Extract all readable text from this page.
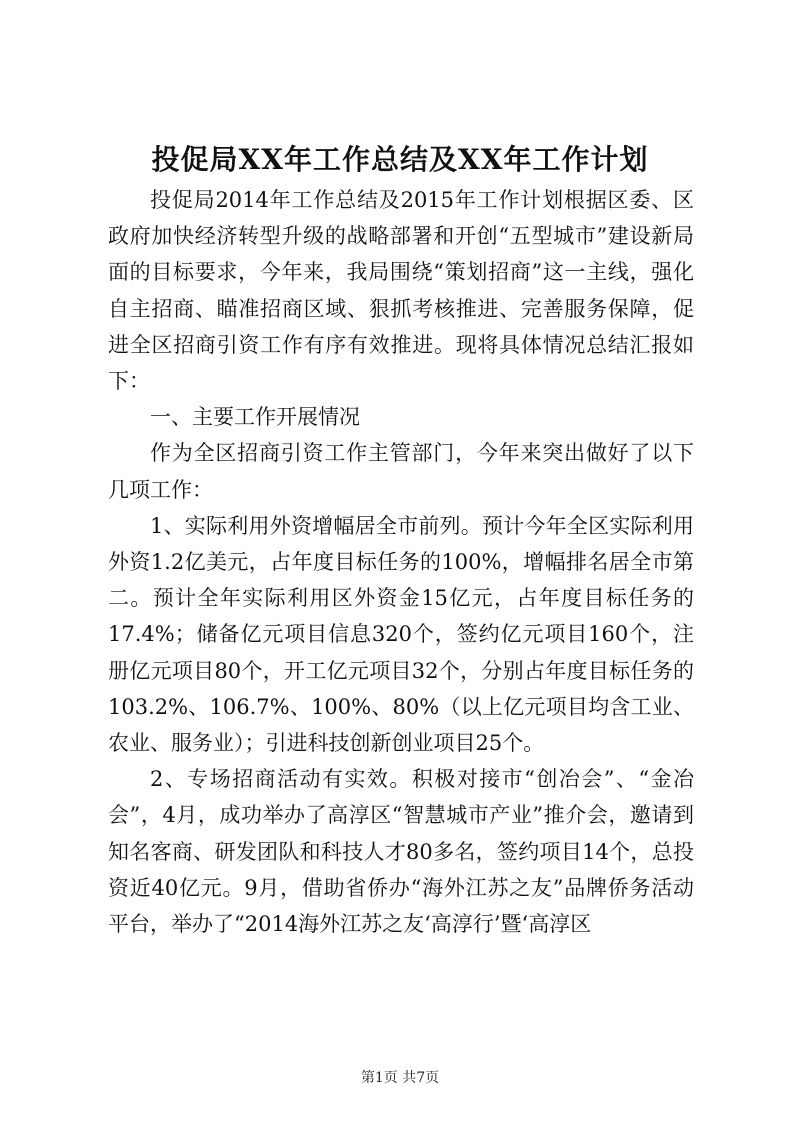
投促局XX年工作总结及XX年工作计划

投促局2014年工作总结及2015年工作计划根据区委、区政府加快经济转型升级的战略部署和开创“五型城市”建设新局面的目标要求，今年来，我局围绕“策划招商”这一主线，强化自主招商、瞄准招商区域、狠抓考核推进、完善服务保障，促进全区招商引资工作有序有效推进。现将具体情况总结汇报如下：

一、主要工作开展情况

作为全区招商引资工作主管部门，今年来突出做好了以下几项工作：

1、实际利用外资增幅居全市前列。预计今年全区实际利用外资1.2亿美元，占年度目标任务的100%，增幅排名居全市第二。预计全年实际利用区外资金15亿元，占年度目标任务的17.4%；储备亿元项目信息320个，签约亿元项目160个，注册亿元项目80个，开工亿元项目32个，分别占年度目标任务的103.2%、106.7%、100%、80%（以上亿元项目均含工业、农业、服务业）；引进科技创新创业项目25个。

2、专场招商活动有实效。积极对接市“创冶会”、“金冶会”，4月，成功举办了高淳区“智慧城市产业”推介会，邀请到知名客商、研发团队和科技人才80多名，签约项目14个，总投资近40亿元。9月，借助省侨办“海外江苏之友”品牌侨务活动平台，举办了“2014海外江苏之友‘高淳行’暨‘高淳区

第1页 共7页
